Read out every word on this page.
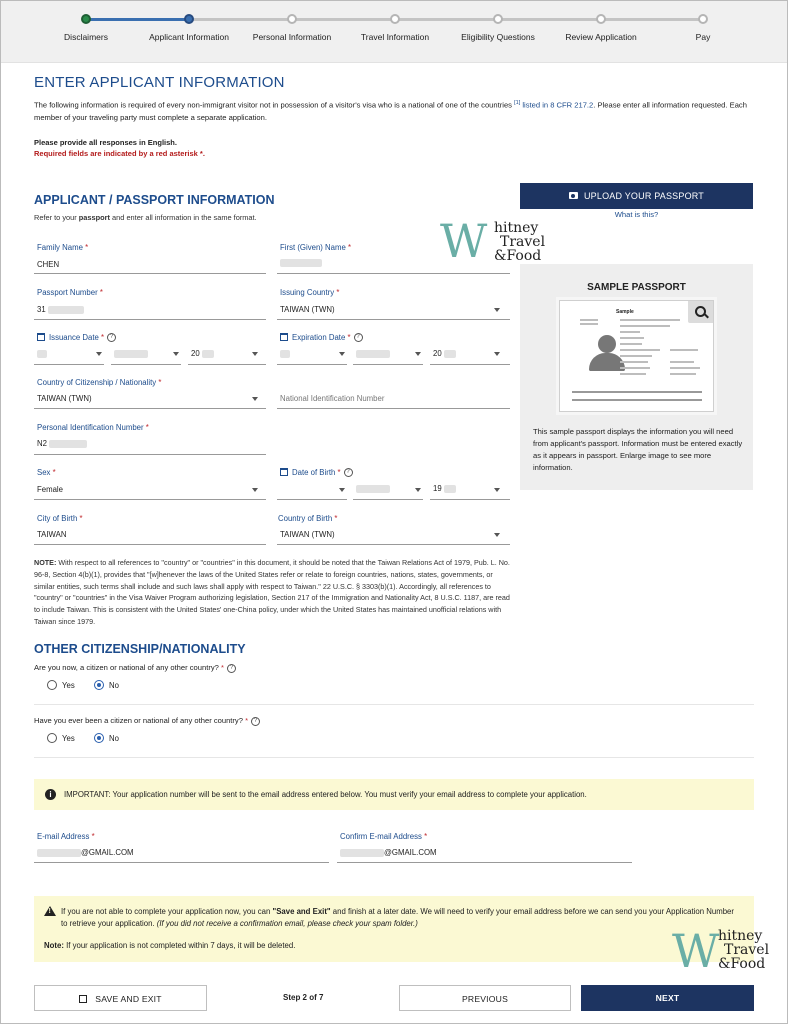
Disclaimers	Applicant Information	Personal Information	Travel Information	Eligibility Questions	Review Application	Pay
ENTER APPLICANT INFORMATION
The following information is required of every non-immigrant visitor not in possession of a visitor's visa who is a national of one of the countries [1] listed in 8 CFR 217.2. Please enter all information requested. Each member of your traveling party must complete a separate application.
Please provide all responses in English.
Required fields are indicated by a red asterisk *.
APPLICANT / PASSPORT INFORMATION
Refer to your passport and enter all information in the same format.
Family Name *
CHEN
First (Given) Name *
Passport Number *
31
Issuing Country *
TAIWAN (TWN)
Issuance Date * ?
20
Expiration Date * ?
20
Country of Citizenship / Nationality *
TAIWAN (TWN)	National Identification Number
Personal Identification Number *
N2
Sex *
Female
Date of Birth * ?
19
City of Birth *
TAIWAN
Country of Birth *
TAIWAN (TWN)
NOTE: With respect to all references to "country" or "countries" in this document, it should be noted that the Taiwan Relations Act of 1979, Pub. L. No. 96-8, Section 4(b)(1), provides that "[w]henever the laws of the United States refer or relate to foreign countries, nations, states, governments, or similar entities, such terms shall include and such laws shall apply with respect to Taiwan." 22 U.S.C. § 3303(b)(1). Accordingly, all references to "country" or "countries" in the Visa Waiver Program authorizing legislation, Section 217 of the Immigration and Nationality Act, 8 U.S.C. 1187, are read to include Taiwan. This is consistent with the United States' one-China policy, under which the United States has maintained unofficial relations with Taiwan since 1979.
UPLOAD YOUR PASSPORT
What is this?
SAMPLE PASSPORT
Sample
This sample passport displays the information you will need from applicant's passport. Information must be entered exactly as it appears in passport. Enlarge image to see more information.
OTHER CITIZENSHIP/NATIONALITY
Are you now, a citizen or national of any other country? * ?
Yes	No
Have you ever been a citizen or national of any other country? * ?
Yes	No
i	IMPORTANT: Your application number will be sent to the email address entered below. You must verify your email address to complete your application.
E-mail Address *
@GMAIL.COM
Confirm E-mail Address *
@GMAIL.COM
!
If you are not able to complete your application now, you can "Save and Exit" and finish at a later date. We will need to verify your email address before we can send you your Application Number to retrieve your application. (If you did not receive a confirmation email, please check your spam folder.)
Note: If your application is not completed within 7 days, it will be deleted.
SAVE AND EXIT	Step 2 of 7	PREVIOUS	NEXT
W hitney
Travel
&Food
W
hitney
Travel
&Food
